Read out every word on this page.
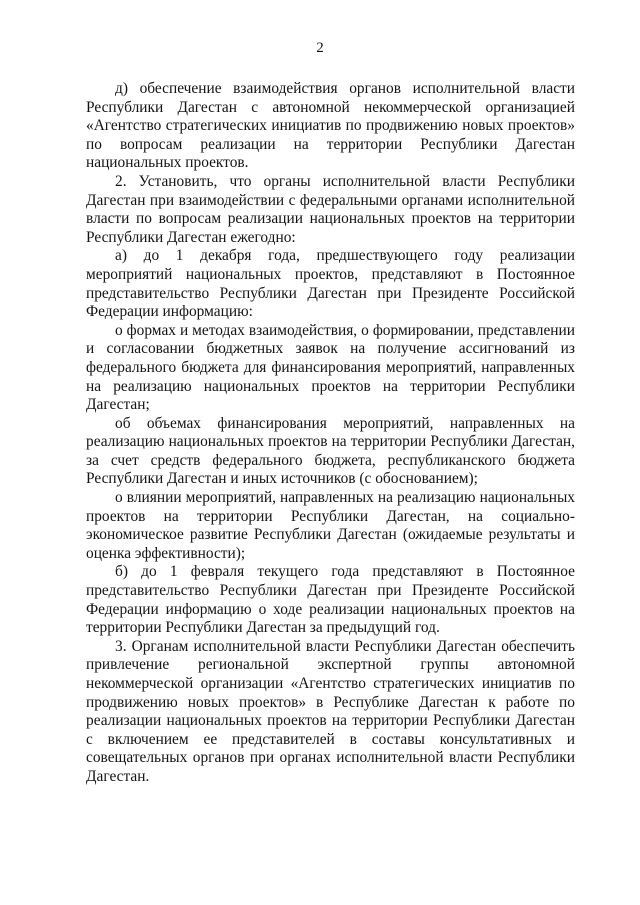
2

д) обеспечение взаимодействия органов исполнительной власти Республики Дагестан с автономной некоммерческой организацией «Агентство стратегических инициатив по продвижению новых проектов» по вопросам реализации на территории Республики Дагестан национальных проектов.

2. Установить, что органы исполнительной власти Республики Дагестан при взаимодействии с федеральными органами исполнительной власти по вопросам реализации национальных проектов на территории Республики Дагестан ежегодно:

а) до 1 декабря года, предшествующего году реализации мероприятий национальных проектов, представляют в Постоянное представительство Республики Дагестан при Президенте Российской Федерации информацию:

о формах и методах взаимодействия, о формировании, представлении и согласовании бюджетных заявок на получение ассигнований из федерального бюджета для финансирования мероприятий, направленных на реализацию национальных проектов на территории Республики Дагестан;

об объемах финансирования мероприятий, направленных на реализацию национальных проектов на территории Республики Дагестан, за счет средств федерального бюджета, республиканского бюджета Республики Дагестан и иных источников (с обоснованием);

о влиянии мероприятий, направленных на реализацию национальных проектов на территории Республики Дагестан, на социально-экономическое развитие Республики Дагестан (ожидаемые результаты и оценка эффективности);

б) до 1 февраля текущего года представляют в Постоянное представительство Республики Дагестан при Президенте Российской Федерации информацию о ходе реализации национальных проектов на территории Республики Дагестан за предыдущий год.

3. Органам исполнительной власти Республики Дагестан обеспечить привлечение региональной экспертной группы автономной некоммерческой организации «Агентство стратегических инициатив по продвижению новых проектов» в Республике Дагестан к работе по реализации национальных проектов на территории Республики Дагестан с включением ее представителей в составы консультативных и совещательных органов при органах исполнительной власти Республики Дагестан.
